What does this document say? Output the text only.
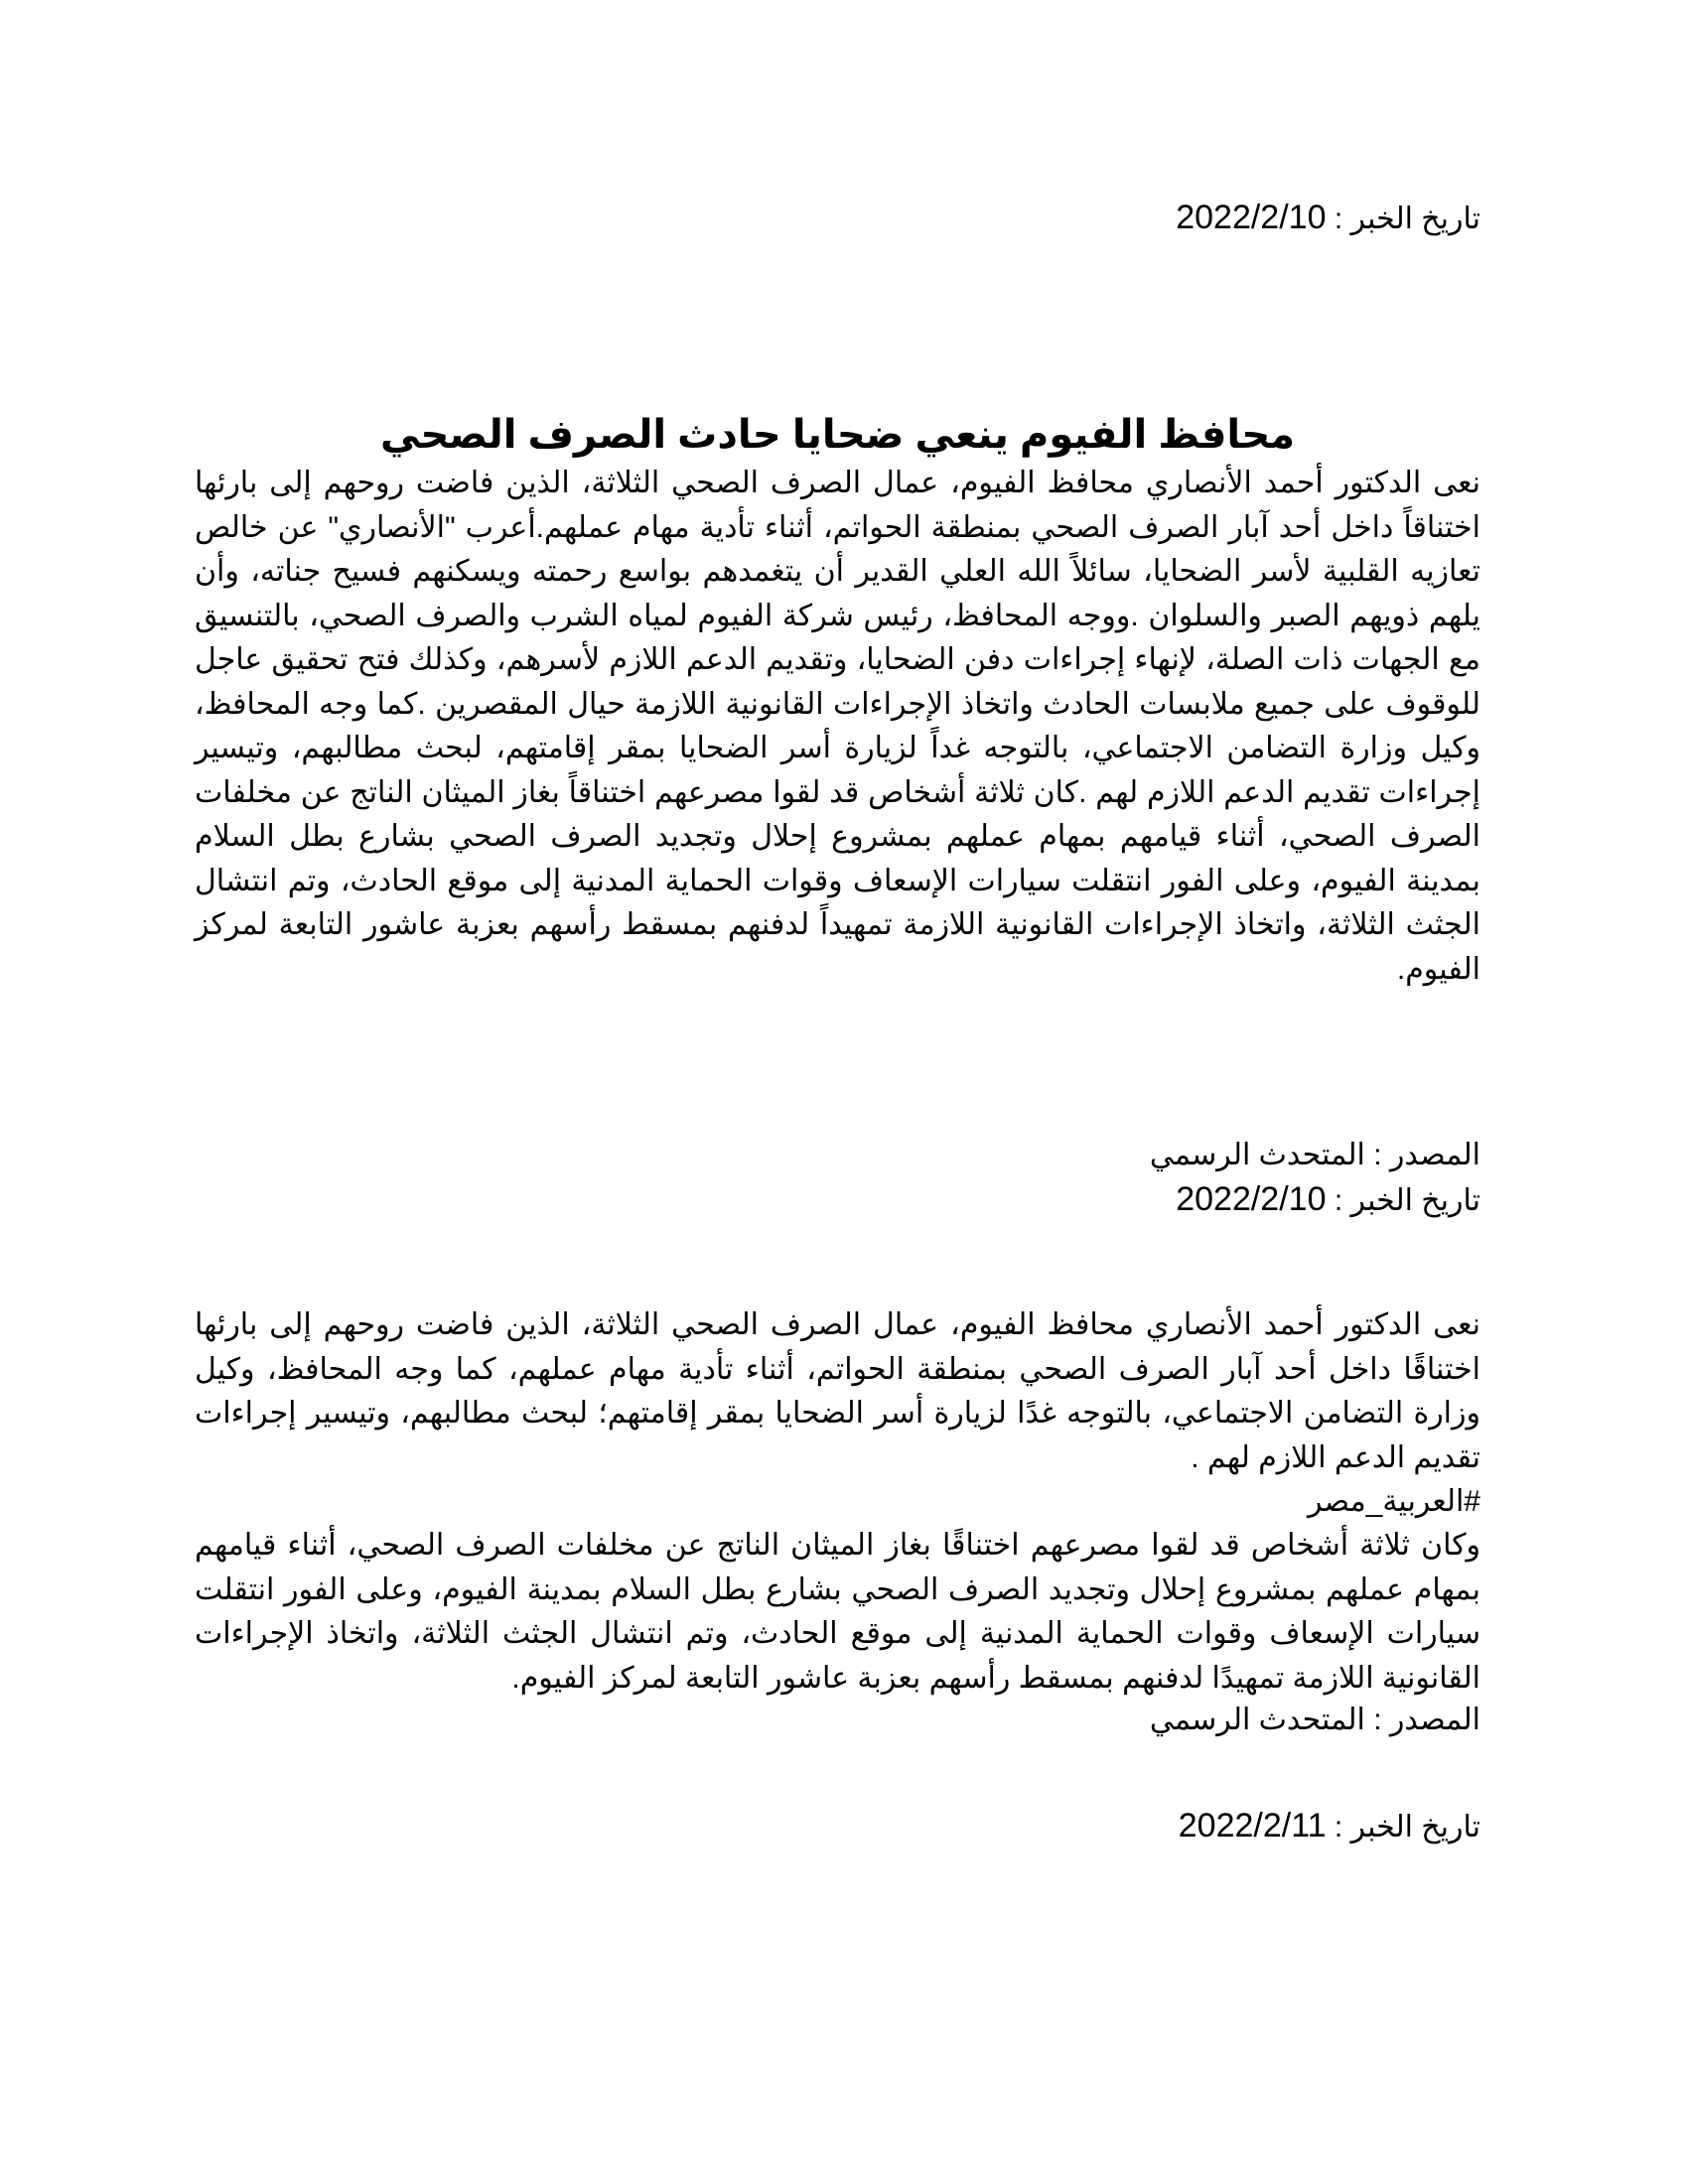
تاريخ الخبر : 2022/2/10
محافظ الفيوم ينعي ضحايا حادث الصرف الصحي

نعى الدكتور أحمد الأنصاري محافظ الفيوم، عمال الصرف الصحي الثلاثة، الذين فاضت روحهم إلى بارئها اختناقاً داخل أحد آبار الصرف الصحي بمنطقة الحواتم، أثناء تأدية مهام عملهم.أعرب "الأنصاري" عن خالص تعازيه القلبية لأسر الضحايا، سائلاً الله العلي القدير أن يتغمدهم بواسع رحمته ويسكنهم فسيح جناته، وأن يلهم ذويهم الصبر والسلوان .ووجه المحافظ، رئيس شركة الفيوم لمياه الشرب والصرف الصحي، بالتنسيق مع الجهات ذات الصلة، لإنهاء إجراءات دفن الضحايا، وتقديم الدعم اللازم لأسرهم، وكذلك فتح تحقيق عاجل للوقوف على جميع ملابسات الحادث واتخاذ الإجراءات القانونية اللازمة حيال المقصرين .كما وجه المحافظ، وكيل وزارة التضامن الاجتماعي، بالتوجه غداً لزيارة أسر الضحايا بمقر إقامتهم، لبحث مطالبهم، وتيسير إجراءات تقديم الدعم اللازم لهم .كان ثلاثة أشخاص قد لقوا مصرعهم اختناقاً بغاز الميثان الناتج عن مخلفات الصرف الصحي، أثناء قيامهم بمهام عملهم بمشروع إحلال وتجديد الصرف الصحي بشارع بطل السلام بمدينة الفيوم، وعلى الفور انتقلت سيارات الإسعاف وقوات الحماية المدنية إلى موقع الحادث، وتم انتشال الجثث الثلاثة، واتخاذ الإجراءات القانونية اللازمة تمهيداً لدفنهم بمسقط رأسهم بعزبة عاشور التابعة لمركز الفيوم.

المصدر : المتحدث الرسمي
تاريخ الخبر : 2022/2/10

نعى الدكتور أحمد الأنصاري محافظ الفيوم، عمال الصرف الصحي الثلاثة، الذين فاضت روحهم إلى بارئها اختناقًا داخل أحد آبار الصرف الصحي بمنطقة الحواتم، أثناء تأدية مهام عملهم، كما وجه المحافظ، وكيل وزارة التضامن الاجتماعي، بالتوجه غدًا لزيارة أسر الضحايا بمقر إقامتهم؛ لبحث مطالبهم، وتيسير إجراءات تقديم الدعم اللازم لهم .

#العربية_مصر

وكان ثلاثة أشخاص قد لقوا مصرعهم اختناقًا بغاز الميثان الناتج عن مخلفات الصرف الصحي، أثناء قيامهم بمهام عملهم بمشروع إحلال وتجديد الصرف الصحي بشارع بطل السلام بمدينة الفيوم، وعلى الفور انتقلت سيارات الإسعاف وقوات الحماية المدنية إلى موقع الحادث، وتم انتشال الجثث الثلاثة، واتخاذ الإجراءات القانونية اللازمة تمهيدًا لدفنهم بمسقط رأسهم بعزبة عاشور التابعة لمركز الفيوم.

المصدر : المتحدث الرسمي
تاريخ الخبر : 2022/2/11
